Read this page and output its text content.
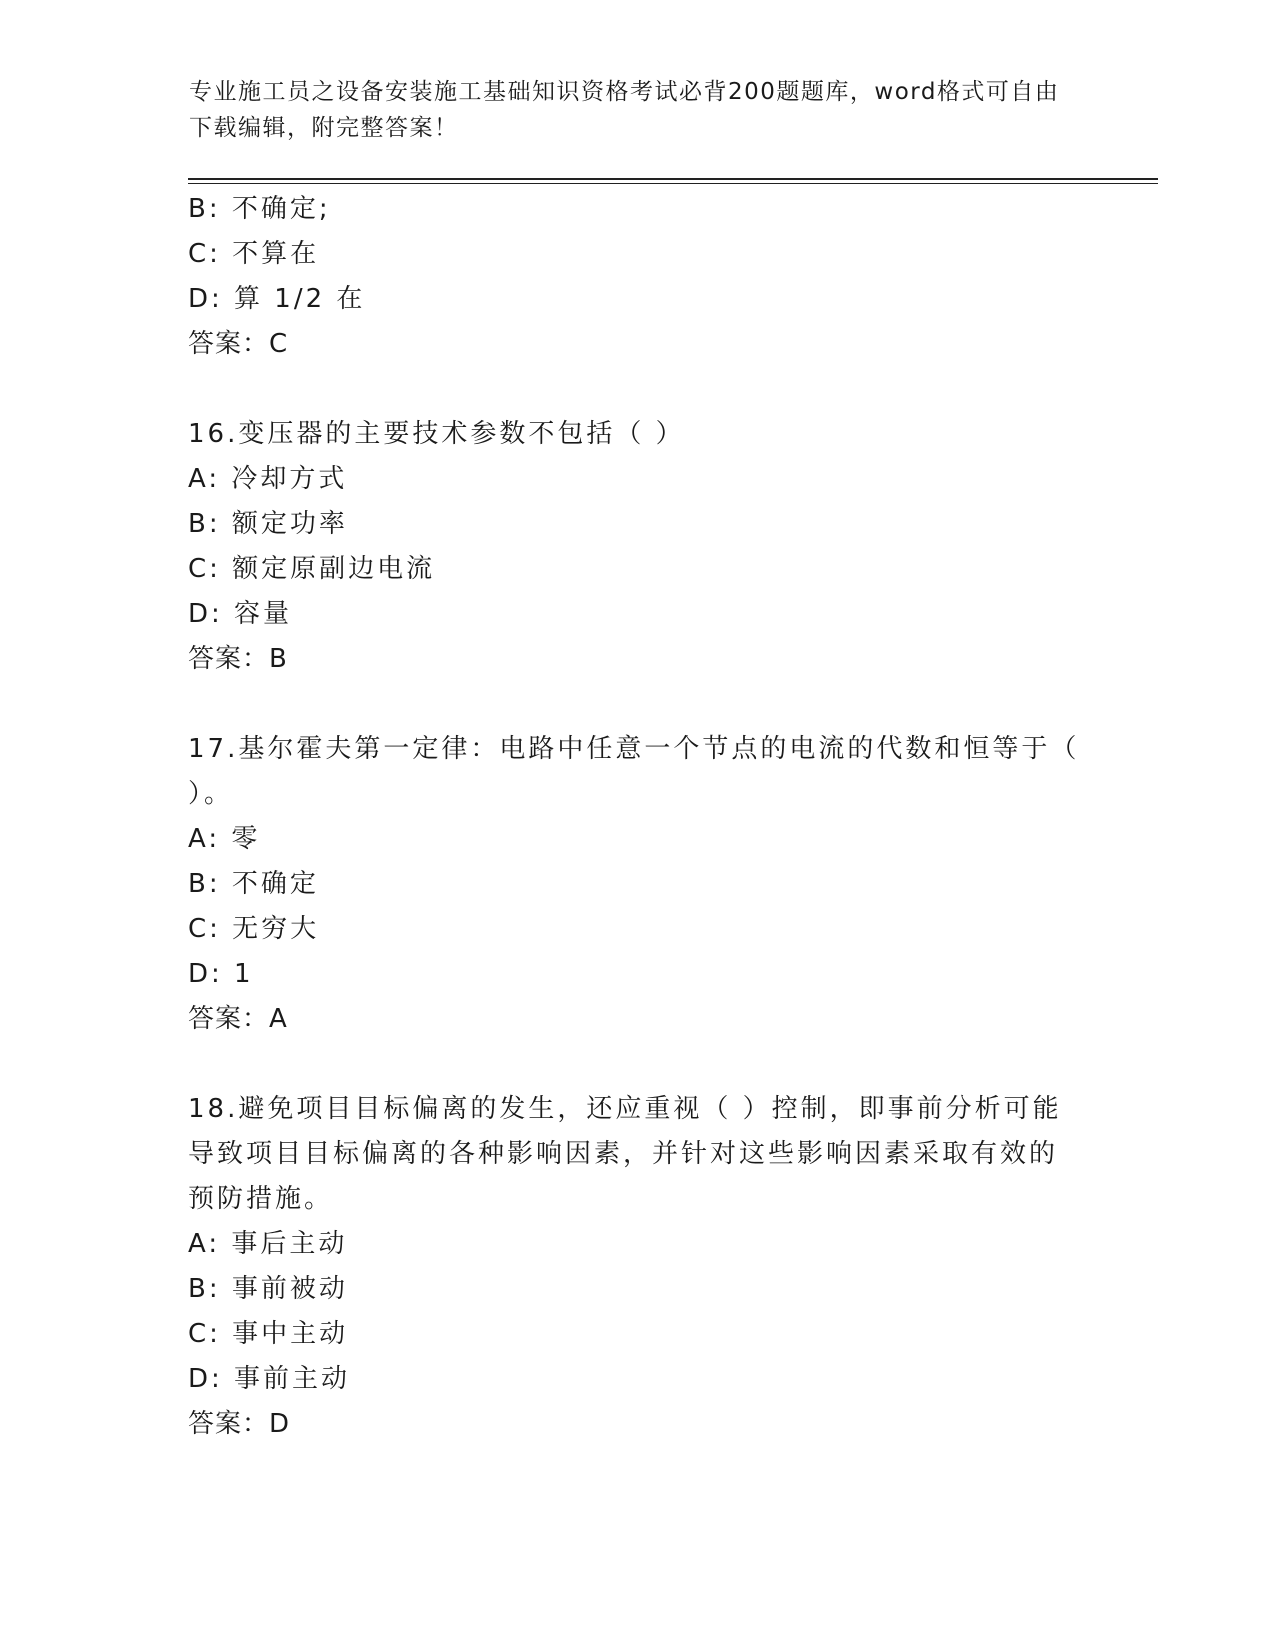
专业施工员之设备安装施工基础知识资格考试必背200题题库，word格式可自由
下载编辑，附完整答案！
B: 不确定;
C: 不算在
D: 算 1/2 在
答案：C
16.变压器的主要技术参数不包括（ ）
A: 冷却方式
B: 额定功率
C: 额定原副边电流
D: 容量
答案：B
17.基尔霍夫第一定律：电路中任意一个节点的电流的代数和恒等于（
）。
A: 零
B: 不确定
C: 无穷大
D: 1
答案：A
18.避免项目目标偏离的发生，还应重视（ ）控制，即事前分析可能
导致项目目标偏离的各种影响因素，并针对这些影响因素采取有效的
预防措施。
A: 事后主动
B: 事前被动
C: 事中主动
D: 事前主动
答案：D
